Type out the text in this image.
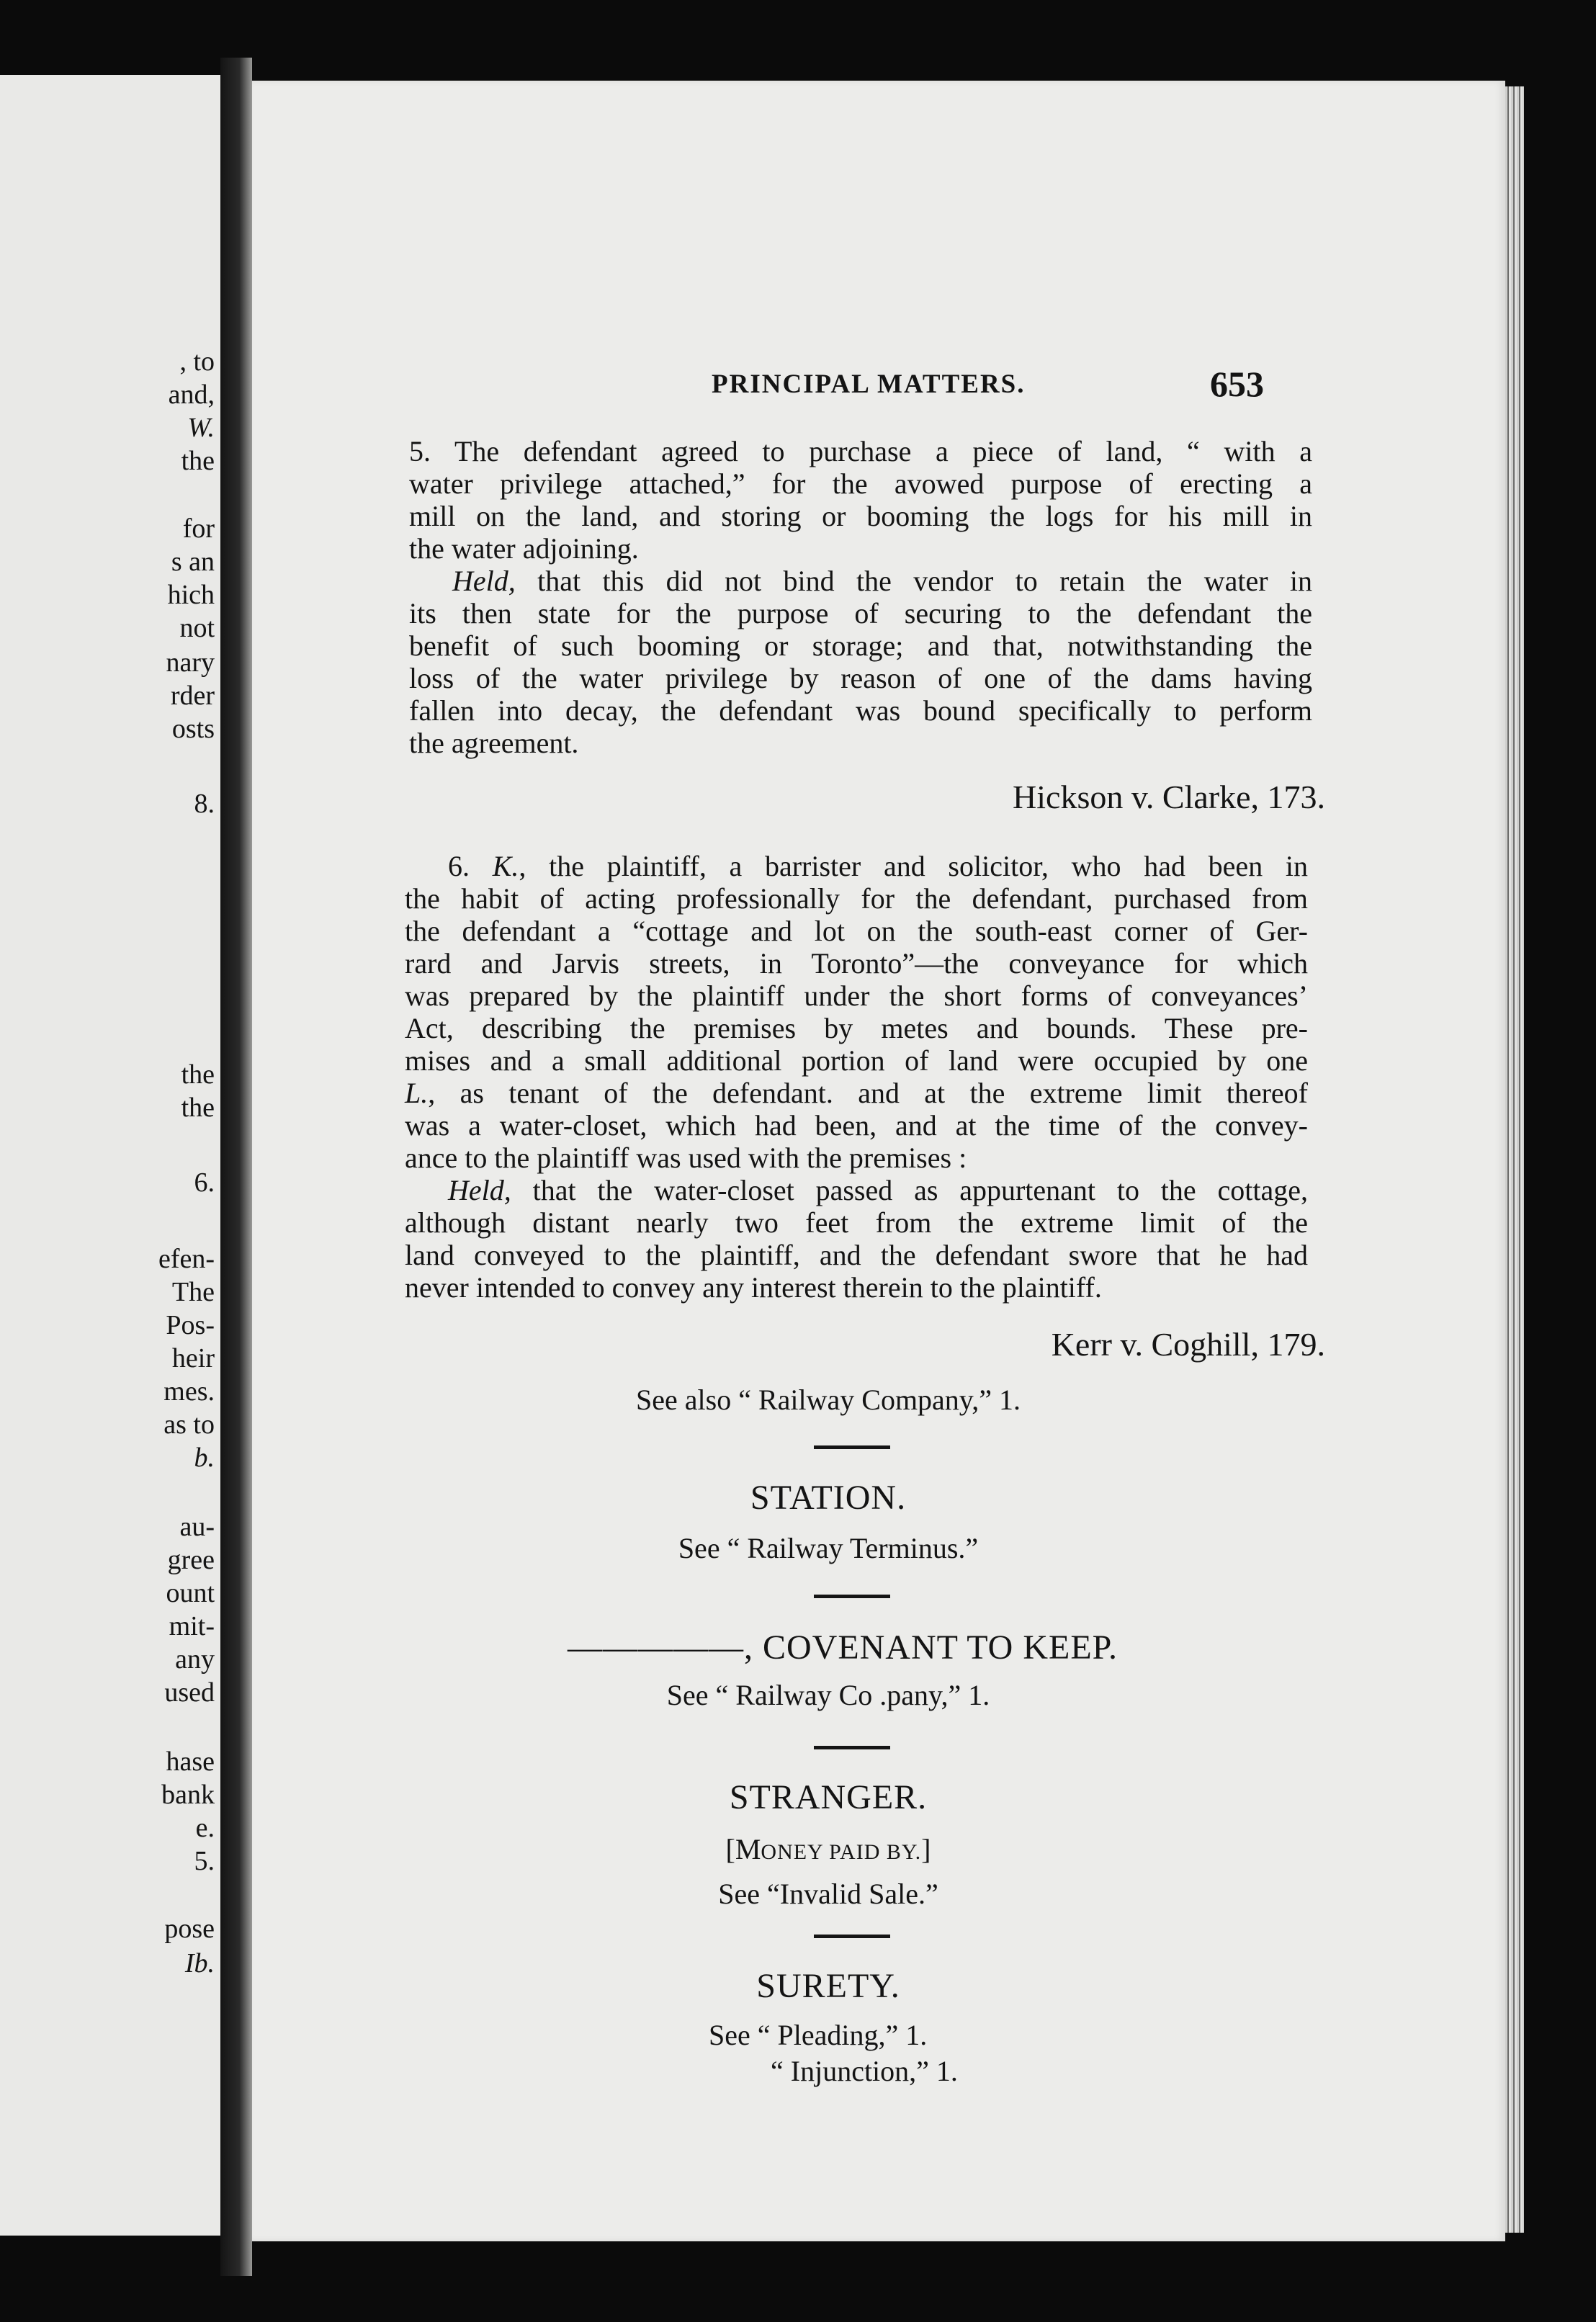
, to
and,
W.
the
for
s an
hich
not
nary
rder
osts
8.
the
the
6.
efen-
The
Pos-
heir
mes.
as to
b.
au-
gree
ount
mit-
any
used
hase
bank
e.
5.
pose
Ib.
PRINCIPAL MATTERS.	653
5. The defendant agreed to purchase a piece of land, “ with a
water privilege attached,” for the avowed purpose of erecting a
mill on the land, and storing or booming the logs for his mill in
the water adjoining.
Held, that this did not bind the vendor to retain the water in
its then state for the purpose of securing to the defendant the
benefit of such booming or storage; and that, notwithstanding the
loss of the water privilege by reason of one of the dams having
fallen into decay, the defendant was bound specifically to perform
the agreement.
Hickson v. Clarke, 173.
6. K., the plaintiff, a barrister and solicitor, who had been in
the habit of acting professionally for the defendant, purchased from
the defendant a “cottage and lot on the south-east corner of Ger-
rard and Jarvis streets, in Toronto”—the conveyance for which
was prepared by the plaintiff under the short forms of conveyances’
Act, describing the premises by metes and bounds. These pre-
mises and a small additional portion of land were occupied by one
L., as tenant of the defendant. and at the extreme limit thereof
was a water-closet, which had been, and at the time of the convey-
ance to the plaintiff was used with the premises :
Held, that the water-closet passed as appurtenant to the cottage,
although distant nearly two feet from the extreme limit of the
land conveyed to the plaintiff, and the defendant swore that he had
never intended to convey any interest therein to the plaintiff.
Kerr v. Coghill, 179.
See also “ Railway Company,” 1.
STATION.
See “ Railway Terminus.”
—————, COVENANT TO KEEP.
See “ Railway Co .pany,” 1.
STRANGER.
[MONEY PAID BY.]
See “Invalid Sale.”
SURETY.
See “ Pleading,” 1.
“ Injunction,” 1.
